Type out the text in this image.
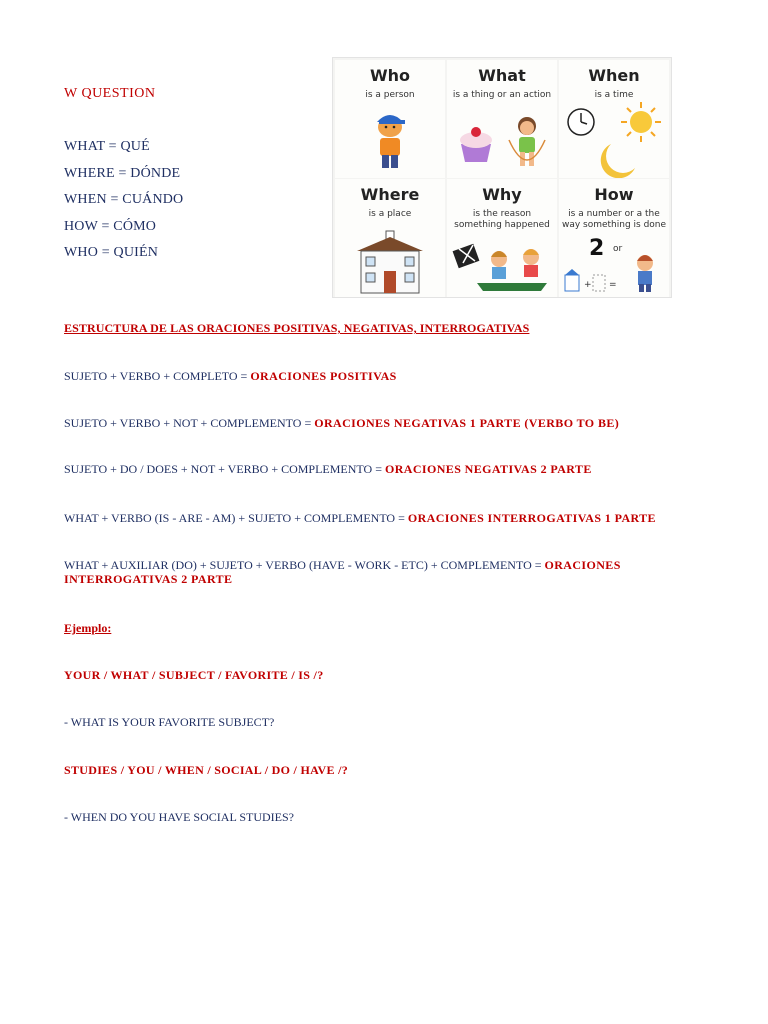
W QUESTION
WHAT = QUÉ
WHERE = DÓNDE
WHEN = CUÁNDO
HOW = CÓMO
WHO = QUIÉN
Who
is a person
What
is a thing or an action
When
is a time
Where
is a place
Why
is the reason something happened
2 or
+ =
How
is a number or a the way something is done
ESTRUCTURA DE LAS ORACIONES POSITIVAS, NEGATIVAS, INTERROGATIVAS
SUJETO + VERBO + COMPLETO = ORACIONES POSITIVAS
SUJETO + VERBO + NOT + COMPLEMENTO = ORACIONES NEGATIVAS 1 PARTE (VERBO TO BE)
SUJETO + DO / DOES + NOT + VERBO + COMPLEMENTO = ORACIONES NEGATIVAS 2 PARTE
WHAT + VERBO (IS - ARE - AM) + SUJETO + COMPLEMENTO = ORACIONES INTERROGATIVAS 1 PARTE
WHAT + AUXILIAR (DO) + SUJETO + VERBO (HAVE - WORK - ETC) + COMPLEMENTO = ORACIONES INTERROGATIVAS 2 PARTE
Ejemplo:
YOUR / WHAT / SUBJECT / FAVORITE / IS /?
- WHAT IS YOUR FAVORITE SUBJECT?
STUDIES / YOU / WHEN / SOCIAL / DO / HAVE /?
- WHEN DO YOU HAVE SOCIAL STUDIES?
